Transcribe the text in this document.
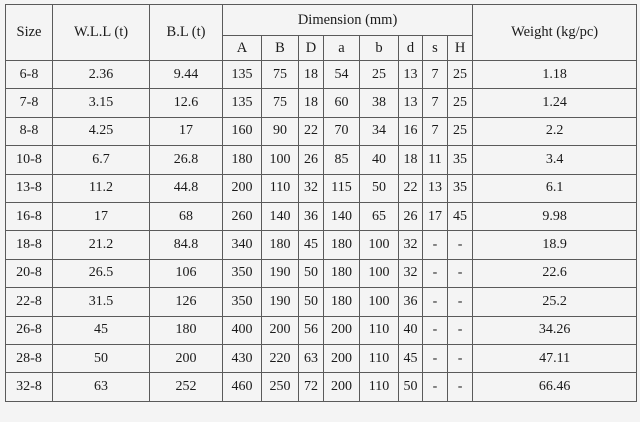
Size	W.L.L (t)	B.L (t)	Dimension (mm)								Weight (kg/pc)
			A	B	D	a	b	d	s	H	
6-8	2.36	9.44	135	75	18	54	25	13	7	25	1.18
7-8	3.15	12.6	135	75	18	60	38	13	7	25	1.24
8-8	4.25	17	160	90	22	70	34	16	7	25	2.2
10-8	6.7	26.8	180	100	26	85	40	18	11	35	3.4
13-8	11.2	44.8	200	110	32	115	50	22	13	35	6.1
16-8	17	68	260	140	36	140	65	26	17	45	9.98
18-8	21.2	84.8	340	180	45	180	100	32	-	-	18.9
20-8	26.5	106	350	190	50	180	100	32	-	-	22.6
22-8	31.5	126	350	190	50	180	100	36	-	-	25.2
26-8	45	180	400	200	56	200	110	40	-	-	34.26
28-8	50	200	430	220	63	200	110	45	-	-	47.11
32-8	63	252	460	250	72	200	110	50	-	-	66.46
